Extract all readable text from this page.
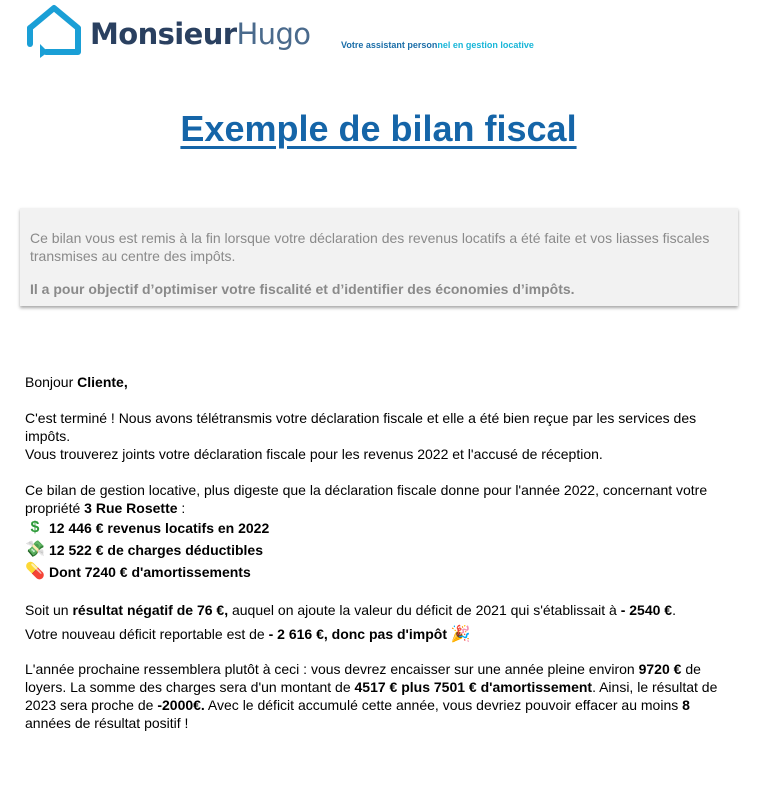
MonsieurHugo	Votre assistant personnel en gestion locative
Exemple de bilan fiscal

Ce bilan vous est remis à la fin lorsque votre déclaration des revenus locatifs a été faite et vos liasses fiscales transmises au centre des impôts.

Il a pour objectif d’optimiser votre fiscalité et d’identifier des économies d’impôts.

Bonjour Cliente,

C'est terminé ! Nous avons télétransmis votre déclaration fiscale et elle a été bien reçue par les services des impôts.

Vous trouverez joints votre déclaration fiscale pour les revenus 2022 et l'accusé de réception.

Ce bilan de gestion locative, plus digeste que la déclaration fiscale donne pour l'année 2022, concernant votre propriété 3 Rue Rosette :

$ 12 446 € revenus locatifs en 2022
💸 12 522 € de charges déductibles
💊 Dont 7240 € d'amortissements

Soit un résultat négatif de 76 €, auquel on ajoute la valeur du déficit de 2021 qui s'établissait à - 2540 €.

Votre nouveau déficit reportable est de - 2 616 €, donc pas d'impôt 🎉

L'année prochaine ressemblera plutôt à ceci : vous devrez encaisser sur une année pleine environ 9720 € de loyers. La somme des charges sera d'un montant de 4517 € plus 7501 € d'amortissement. Ainsi, le résultat de 2023 sera proche de -2000€. Avec le déficit accumulé cette année, vous devriez pouvoir effacer au moins 8 années de résultat positif !
